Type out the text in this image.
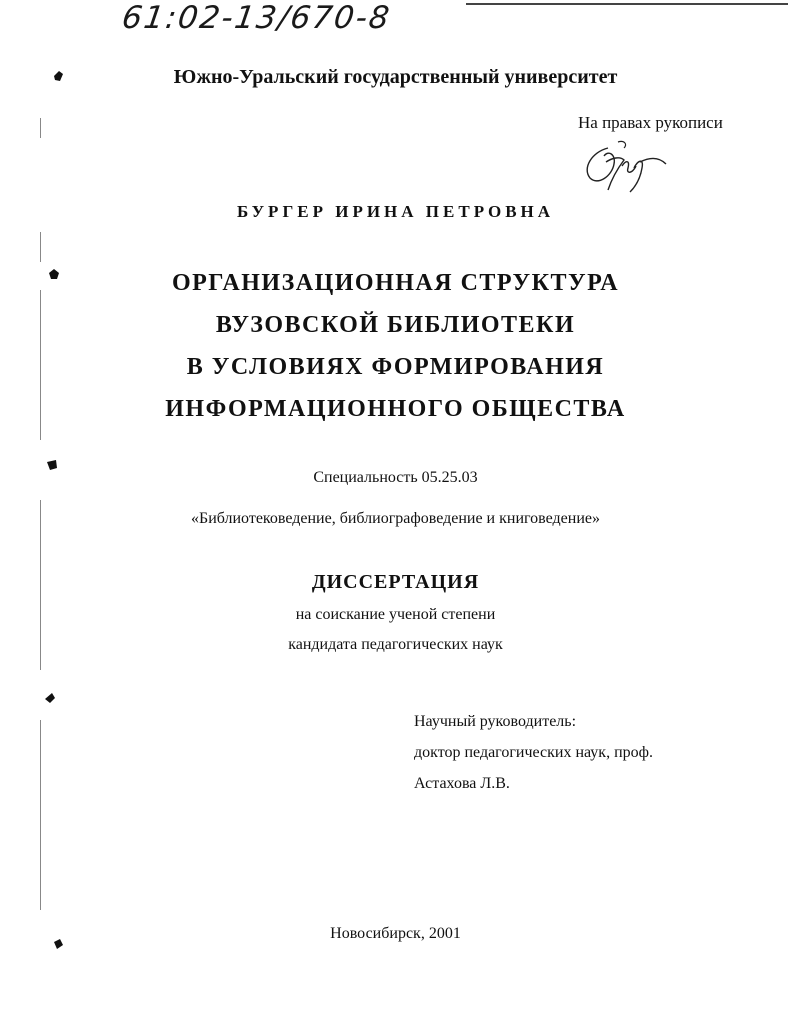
61:02-13/670-8
Южно-Уральский государственный университет
На правах рукописи
БУРГЕР ИРИНА ПЕТРОВНА
ОРГАНИЗАЦИОННАЯ СТРУКТУРА
ВУЗОВСКОЙ БИБЛИОТЕКИ
В УСЛОВИЯХ ФОРМИРОВАНИЯ
ИНФОРМАЦИОННОГО ОБЩЕСТВА
Специальность 05.25.03
«Библиотековедение, библиографоведение и книговедение»
ДИССЕРТАЦИЯ
на соискание ученой степени
кандидата педагогических наук
Научный руководитель:
доктор педагогических наук, проф.
Астахова Л.В.
Новосибирск, 2001
